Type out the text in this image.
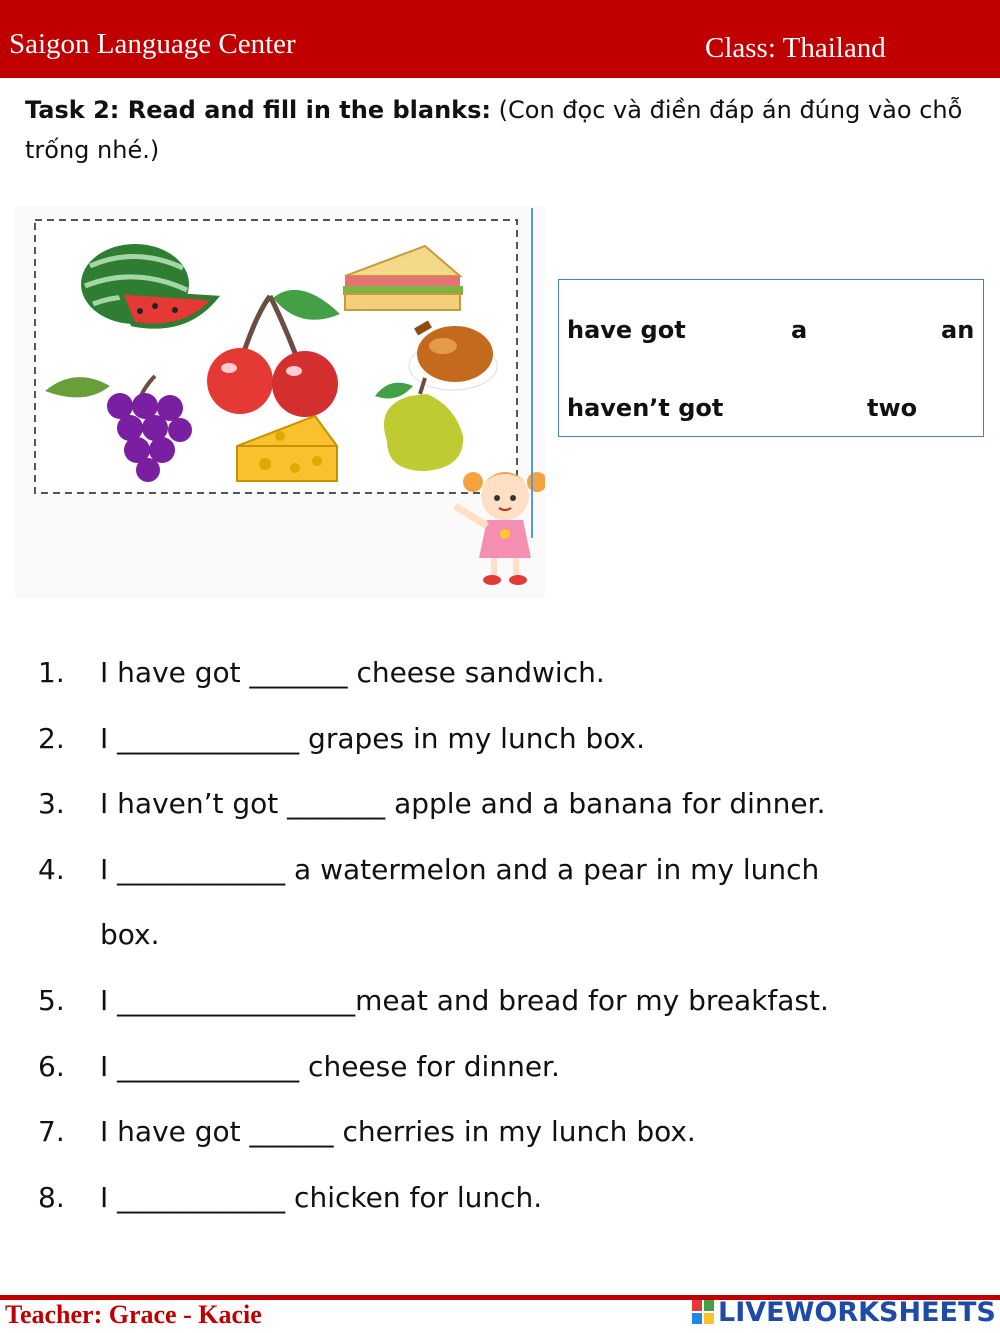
Saigon Language Center	Class: Thailand
Task 2: Read and fill in the blanks: (Con đọc và điền đáp án đúng vào chỗ trống nhé.)
have got	a	an
haven’t got	two
1. I have got _______ cheese sandwich.
2. I _____________ grapes in my lunch box.
3. I haven’t got _______ apple and a banana for dinner.
4. I ____________ a watermelon and a pear in my lunch
box.
5. I _________________meat and bread for my breakfast.
6. I _____________ cheese for dinner.
7. I have got ______ cherries in my lunch box.
8. I ____________ chicken for lunch.
Teacher: Grace - Kacie	LIVEWORKSHEETS
